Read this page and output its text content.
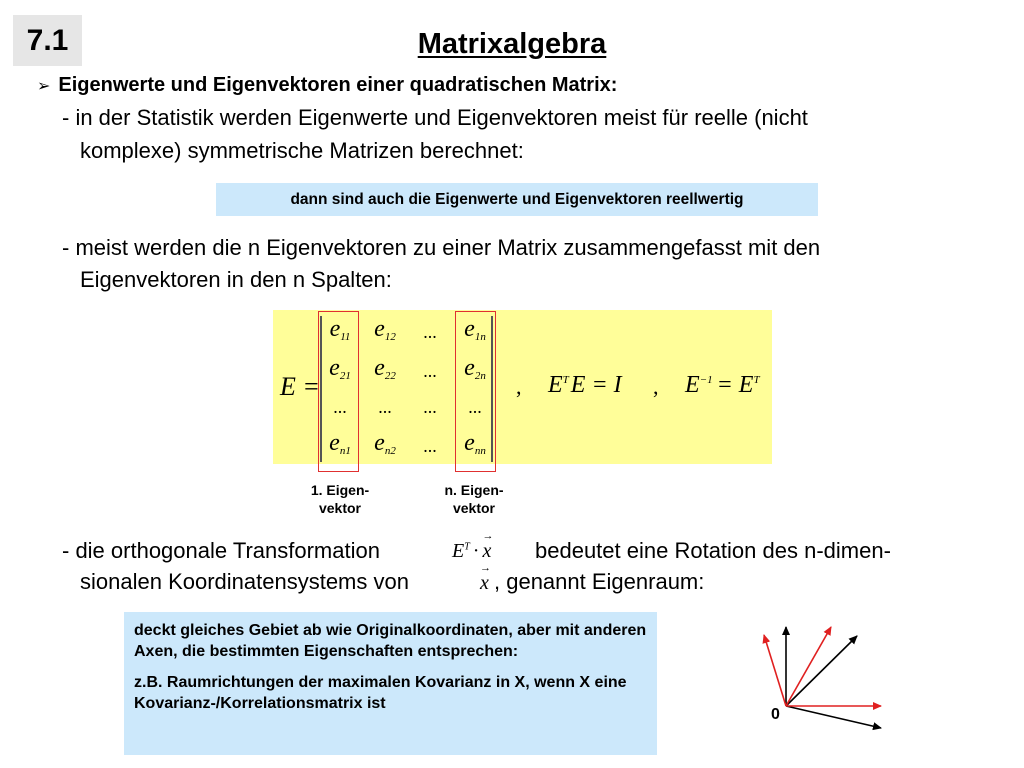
7.1	Matrixalgebra
➢ Eigenwerte und Eigenvektoren einer quadratischen Matrix:
- in der Statistik werden Eigenwerte und Eigenvektoren meist für reelle (nicht
komplexe) symmetrische Matrizen berechnet:
dann sind auch die Eigenwerte und Eigenvektoren reellwertig
- meist werden die n Eigenvektoren zu einer Matrix zusammengefasst mit den
Eigenvektoren in den n Spalten:
E =
$e_{11}$ $e_{12}$	...	$e_{1n}$
$e_{21}$ $e_{22}$	...	$e_{2n}$
...	...	...	...
$e_{n1}$ $e_{n2}$	...	$e_{nn}$
, $E^TE = I$ , $E^{-1} = E^T$
1. Eigen-
vektor
n. Eigen-
vektor
- die orthogonale Transformation	$E^T$ ·
→
x bedeutet eine Rotation des n-dimen-
sionalen Koordinatensystems von
→
x , genannt Eigenraum:

deckt gleiches Gebiet ab wie Originalkoordinaten, aber mit anderen Axen, die bestimmten Eigenschaften entsprechen:

z.B. Raumrichtungen der maximalen Kovarianz in X, wenn X eine Kovarianz-/Korrelationsmatrix ist

0
